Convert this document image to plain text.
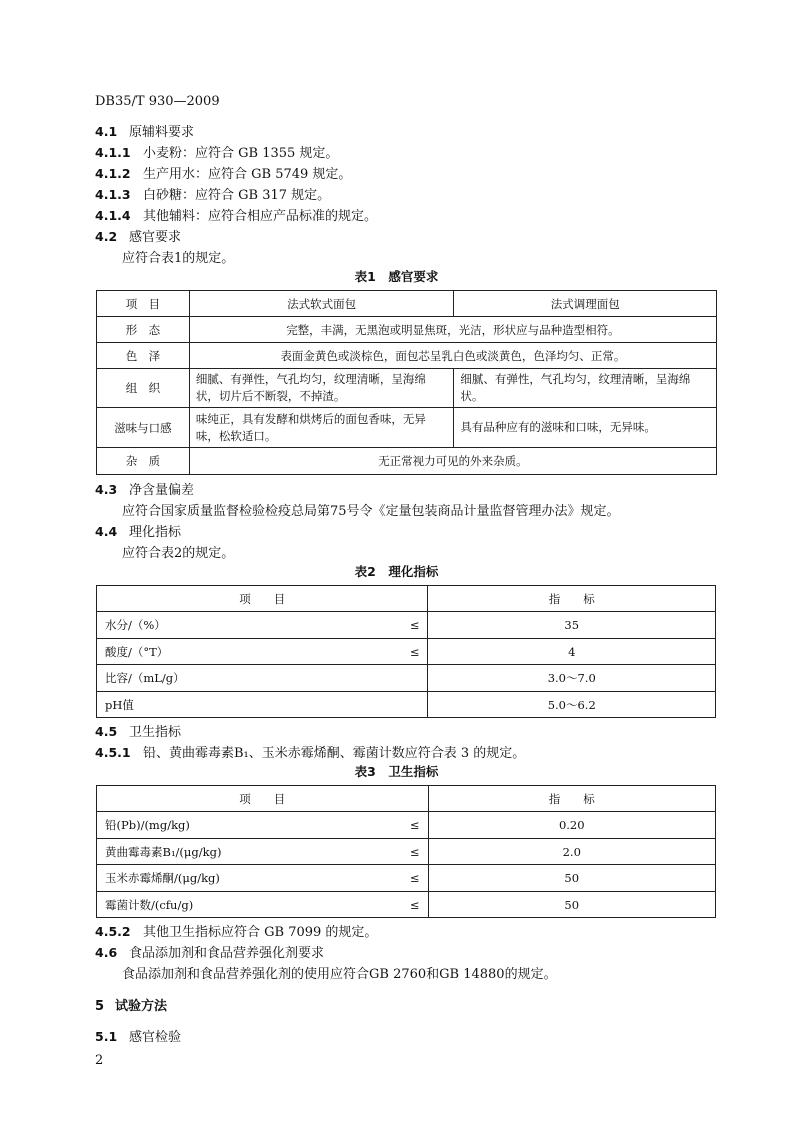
DB35/T 930—2009
4.1 原辅料要求
4.1.1 小麦粉：应符合 GB 1355 规定。
4.1.2 生产用水：应符合 GB 5749 规定。
4.1.3 白砂糖：应符合 GB 317 规定。
4.1.4 其他辅料：应符合相应产品标准的规定。
4.2 感官要求
应符合表1的规定。
表1　感官要求
项　目	法式软式面包	法式调理面包
形　态	完整，丰满，无黑泡或明显焦斑，光洁，形状应与品种造型相符。	
色　泽	表面金黄色或淡棕色，面包芯呈乳白色或淡黄色，色泽均匀、正常。	
组　织	细腻、有弹性，气孔均匀，纹理清晰，呈海绵状，切片后不断裂，不掉渣。	细腻、有弹性，气孔均匀，纹理清晰，呈海绵状。
滋味与口感	味纯正，具有发酵和烘烤后的面包香味，无异味，松软适口。	具有品种应有的滋味和口味，无异味。
杂　质	无正常视力可见的外来杂质。	
4.3 净含量偏差
应符合国家质量监督检验检疫总局第75号令《定量包装商品计量监督管理办法》规定。
4.4 理化指标
应符合表2的规定。
表2　理化指标
项　　目		指　　标
水分/（%）	≤	35
酸度/（°T）	≤	4
比容/（mL/g）		3.0～7.0
pH值		5.0～6.2
4.5 卫生指标
4.5.1 铅、黄曲霉毒素B₁、玉米赤霉烯酮、霉菌计数应符合表 3 的规定。
表3　卫生指标
项　　目		指　　标
铅(Pb)/(mg/kg)	≤	0.20
黄曲霉毒素B₁/(μg/kg)	≤	2.0
玉米赤霉烯酮/(μg/kg)	≤	50
霉菌计数/(cfu/g)	≤	50
4.5.2 其他卫生指标应符合 GB 7099 的规定。
4.6 食品添加剂和食品营养强化剂要求
食品添加剂和食品营养强化剂的使用应符合GB 2760和GB 14880的规定。
5 试验方法
5.1 感官检验
2
